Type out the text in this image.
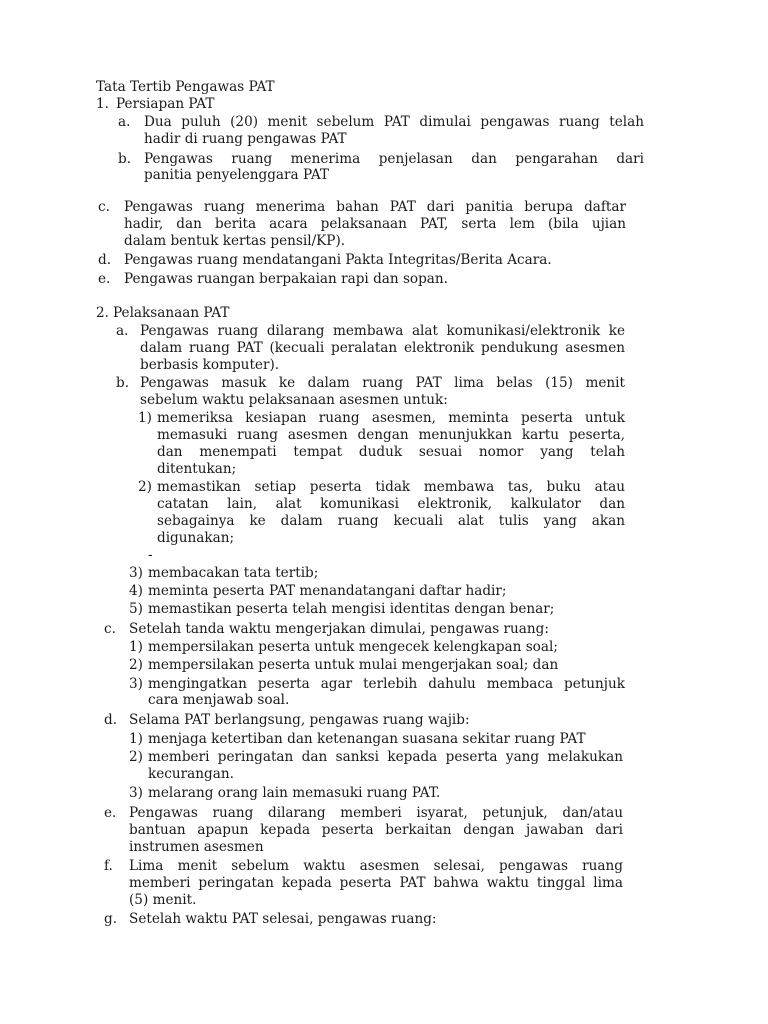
Tata Tertib Pengawas PAT
1. Persiapan PAT
a. Dua puluh (20) menit sebelum PAT dimulai pengawas ruang telah
hadir di ruang pengawas PAT
b. Pengawas ruang menerima penjelasan dan pengarahan dari
panitia penyelenggara PAT
c. Pengawas ruang menerima bahan PAT dari panitia berupa daftar
hadir, dan berita acara pelaksanaan PAT, serta lem (bila ujian
dalam bentuk kertas pensil/KP).
d. Pengawas ruang mendatangani Pakta Integritas/Berita Acara.
e. Pengawas ruangan berpakaian rapi dan sopan.
2. Pelaksanaan PAT
a. Pengawas ruang dilarang membawa alat komunikasi/elektronik ke
dalam ruang PAT (kecuali peralatan elektronik pendukung asesmen
berbasis komputer).
b. Pengawas masuk ke dalam ruang PAT lima belas (15) menit
sebelum waktu pelaksanaan asesmen untuk:
1) memeriksa kesiapan ruang asesmen, meminta peserta untuk
memasuki ruang asesmen dengan menunjukkan kartu peserta,
dan menempati tempat duduk sesuai nomor yang telah
ditentukan;
2) memastikan setiap peserta tidak membawa tas, buku atau
catatan lain, alat komunikasi elektronik, kalkulator dan
sebagainya ke dalam ruang kecuali alat tulis yang akan
digunakan;
-
3) membacakan tata tertib;
4) meminta peserta PAT menandatangani daftar hadir;
5) memastikan peserta telah mengisi identitas dengan benar;
c. Setelah tanda waktu mengerjakan dimulai, pengawas ruang:
1) mempersilakan peserta untuk mengecek kelengkapan soal;
2) mempersilakan peserta untuk mulai mengerjakan soal; dan
3) mengingatkan peserta agar terlebih dahulu membaca petunjuk
cara menjawab soal.
d. Selama PAT berlangsung, pengawas ruang wajib:
1) menjaga ketertiban dan ketenangan suasana sekitar ruang PAT
2) memberi peringatan dan sanksi kepada peserta yang melakukan
kecurangan.
3) melarang orang lain memasuki ruang PAT.
e. Pengawas ruang dilarang memberi isyarat, petunjuk, dan/atau
bantuan apapun kepada peserta berkaitan dengan jawaban dari
instrumen asesmen
f. Lima menit sebelum waktu asesmen selesai, pengawas ruang
memberi peringatan kepada peserta PAT bahwa waktu tinggal lima
(5) menit.
g. Setelah waktu PAT selesai, pengawas ruang:
